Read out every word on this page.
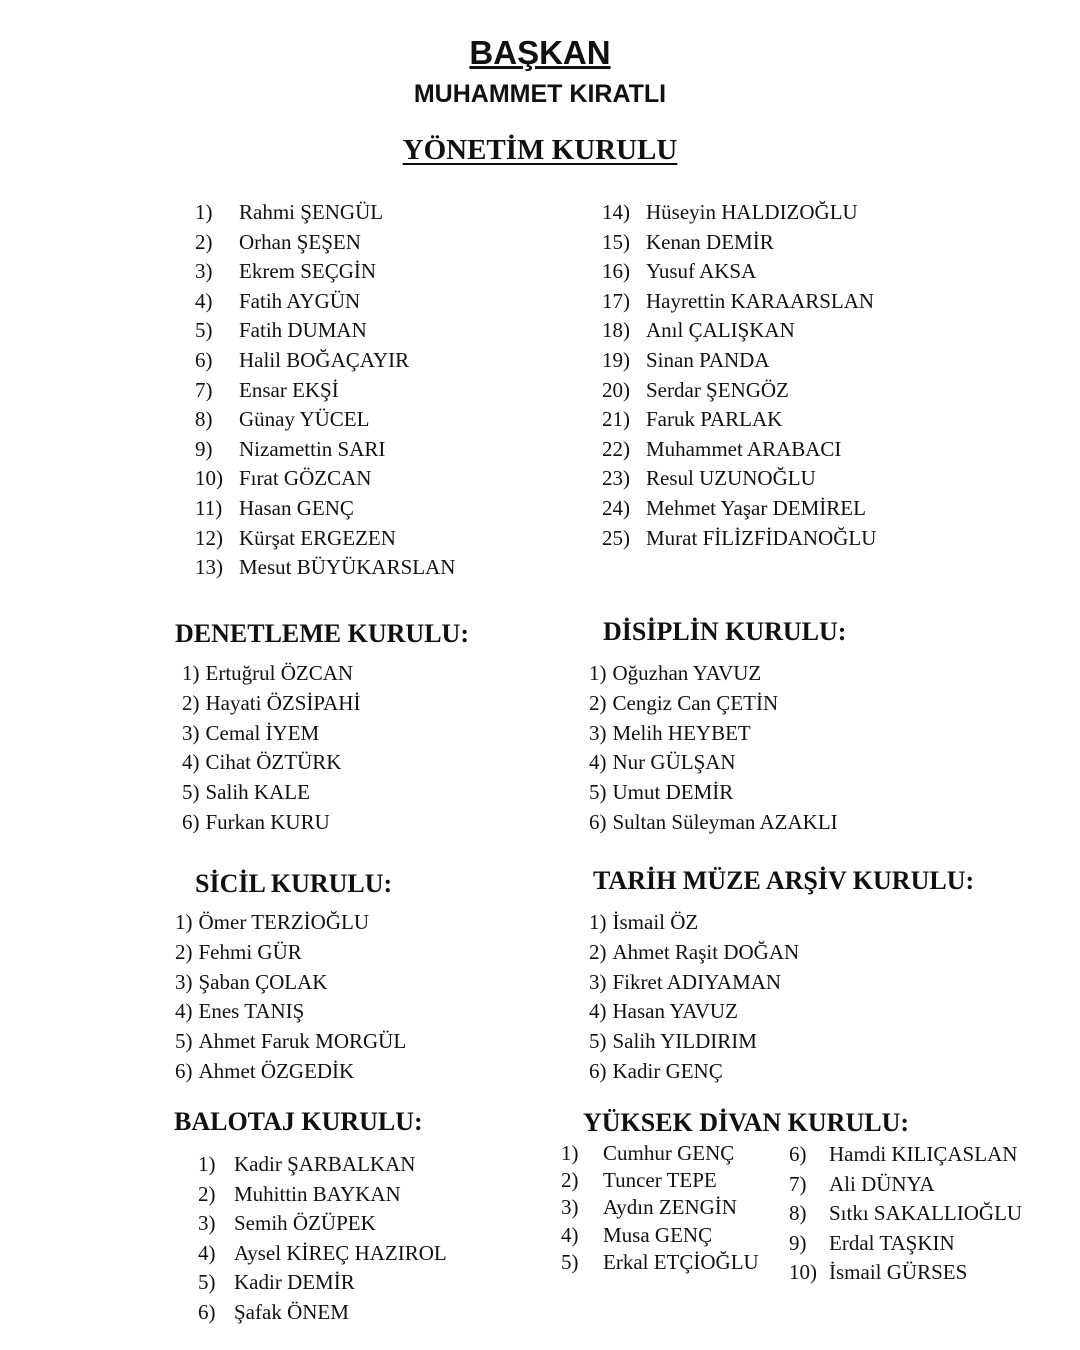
BAŞKAN
MUHAMMET KIRATLI
YÖNETİM KURULU
1)	Rahmi ŞENGÜL
2)	Orhan ŞEŞEN
3)	Ekrem SEÇGİN
4)	Fatih AYGÜN
5)	Fatih DUMAN
6)	Halil BOĞAÇAYIR
7)	Ensar EKŞİ
8)	Günay YÜCEL
9)	Nizamettin SARI
10) Fırat GÖZCAN
11) Hasan GENÇ
12) Kürşat ERGEZEN
13) Mesut BÜYÜKARSLAN
14) Hüseyin HALDIZOĞLU
15) Kenan DEMİR
16) Yusuf AKSA
17) Hayrettin KARAARSLAN
18) Anıl ÇALIŞKAN
19) Sinan PANDA
20) Serdar ŞENGÖZ
21) Faruk PARLAK
22) Muhammet ARABACI
23) Resul UZUNOĞLU
24) Mehmet Yaşar DEMİREL
25) Murat FİLİZFİDANOĞLU
DENETLEME KURULU:
1) Ertuğrul ÖZCAN
2) Hayati ÖZSİPAHİ
3) Cemal İYEM
4) Cihat ÖZTÜRK
5) Salih KALE
6) Furkan KURU
DİSİPLİN KURULU:
1) Oğuzhan YAVUZ
2) Cengiz Can ÇETİN
3) Melih HEYBET
4) Nur GÜLŞAN
5) Umut DEMİR
6) Sultan Süleyman AZAKLI
SİCİL KURULU:
1) Ömer TERZİOĞLU
2) Fehmi GÜR
3) Şaban ÇOLAK
4) Enes TANIŞ
5) Ahmet Faruk MORGÜL
6) Ahmet ÖZGEDİK
TARİH MÜZE ARŞİV KURULU:
1) İsmail ÖZ
2) Ahmet Raşit DOĞAN
3) Fikret ADIYAMAN
4) Hasan YAVUZ
5) Salih YILDIRIM
6) Kadir GENÇ
BALOTAJ KURULU:
1) Kadir ŞARBALKAN
2) Muhittin BAYKAN
3) Semih ÖZÜPEK
4) Aysel KİREÇ HAZIROL
5) Kadir DEMİR
6) Şafak ÖNEM
YÜKSEK DİVAN KURULU:
1)	Cumhur GENÇ
2)	Tuncer TEPE
3)	Aydın ZENGİN
4)	Musa GENÇ
5)	Erkal ETÇİOĞLU
6)	Hamdi KILIÇASLAN
7)	Ali DÜNYA
8)	Sıtkı SAKALLIOĞLU
9)	Erdal TAŞKIN
10) İsmail GÜRSES
